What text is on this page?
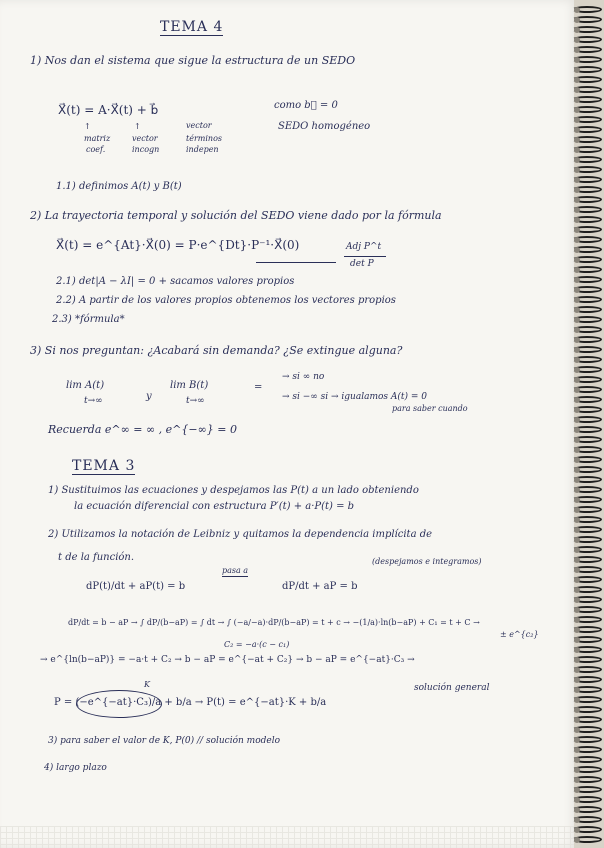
TEMA 4
1) Nos dan el sistema que sigue la estructura de un SEDO
X⃗(t) = A·X⃗(t) + b⃗
vector
como b⃗ = 0
SEDO homogéneo
↑	↑
matriz
coef.
vector
incogn
términos
indepen
1.1) definimos A(t) y B(t)
2) La trayectoria temporal y solución del SEDO viene dado por la fórmula
X⃗(t) = e^{At}·X⃗(0) = P·e^{Dt}·P⁻¹·X⃗(0)	Adj P^t
det P
2.1) det|A − λI| = 0 + sacamos valores propios
2.2) A partir de los valores propios obtenemos los vectores propios
2.3) *fórmula*
3) Si nos preguntan: ¿Acabará sin demanda? ¿Se extingue alguna?
lim A(t)
t→∞	y
lim B(t)
t→∞
=
→ si ∞ no
→ si −∞ si → igualamos A(t) = 0
para saber cuando
Recuerda e^∞ = ∞ , e^{−∞} = 0
TEMA 3
1) Sustituimos las ecuaciones y despejamos las P(t) a un lado obteniendo
la ecuación diferencial con estructura P′(t) + a·P(t) = b
2) Utilizamos la notación de Leibniz y quitamos la dependencia implícita de
t de la función.
pasa a
(despejamos e integramos)
dP(t)/dt + aP(t) = b	dP/dt + aP = b
dP/dt = b − aP → ∫ dP/(b−aP) = ∫ dt → ∫ (−a/−a)·dP/(b−aP) = t + c → −(1/a)·ln(b−aP) + C₁ = t + C →
C₂ = −a·(c − c₁)
± e^{c₂}
→ e^{ln(b−aP)} = −a·t + C₂ → b − aP = e^{−at + C₂} → b − aP = e^{−at}·C₃ →
K
P = (−e^{−at}·C₃)/a + b/a → P(t) = e^{−at}·K + b/a
solución general
3) para saber el valor de K, P(0) // solución modelo
4) largo plazo
